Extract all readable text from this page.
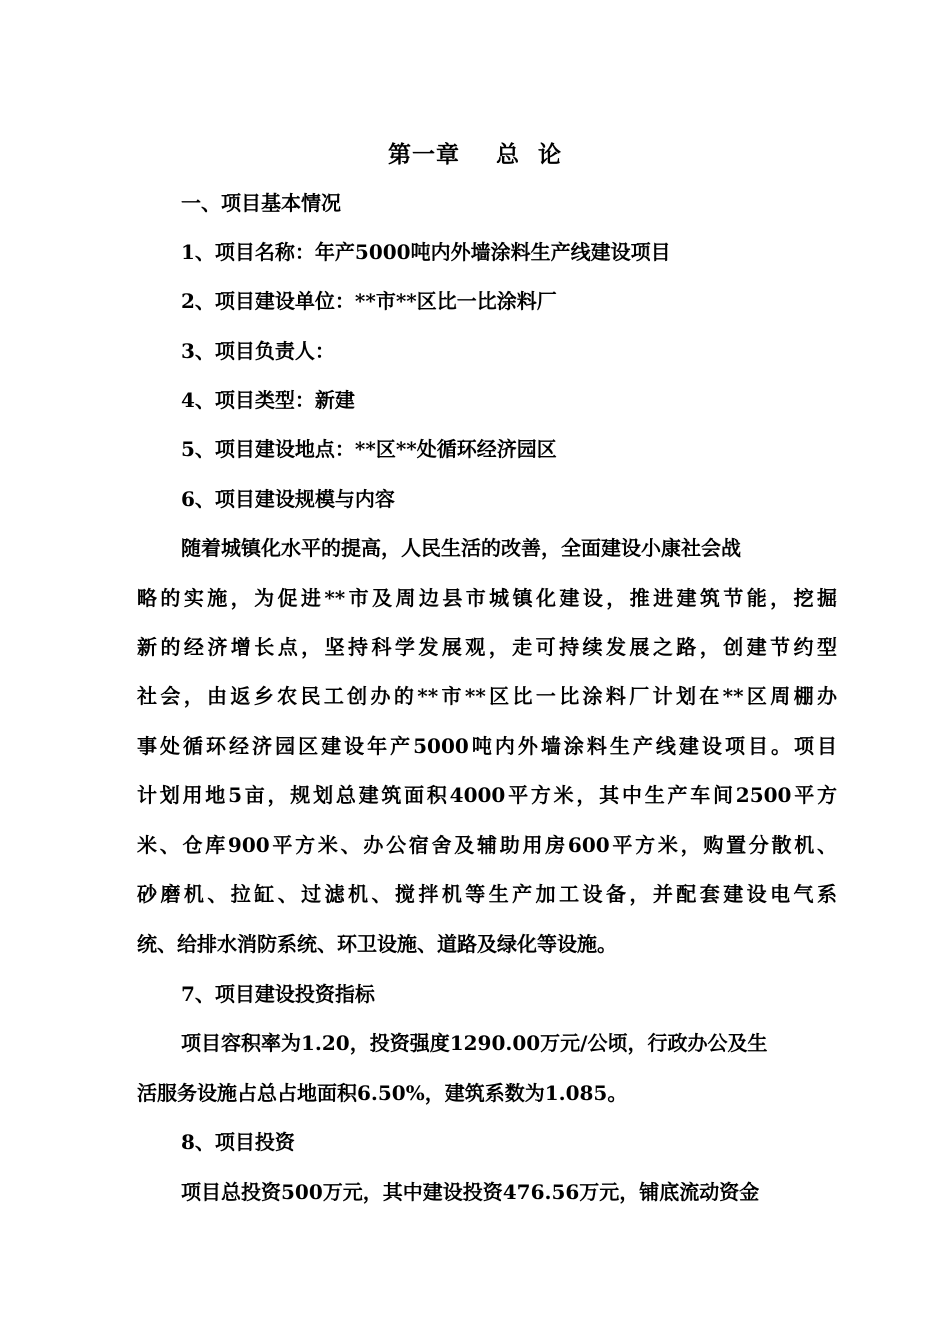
第一章    总  论
一、项目基本情况
1、项目名称：年产5000吨内外墙涂料生产线建设项目
2、项目建设单位：**市**区比一比涂料厂
3、项目负责人：
4、项目类型：新建
5、项目建设地点：**区**处循环经济园区
6、项目建设规模与内容
随着城镇化水平的提高，人民生活的改善，全面建设小康社会战
略的实施，为促进**市及周边县市城镇化建设，推进建筑节能，挖掘
新的经济增长点，坚持科学发展观，走可持续发展之路，创建节约型
社会，由返乡农民工创办的**市**区比一比涂料厂计划在**区周棚办
事处循环经济园区建设年产5000吨内外墙涂料生产线建设项目。项目
计划用地5亩，规划总建筑面积4000平方米，其中生产车间2500平方
米、仓库900平方米、办公宿舍及辅助用房600平方米，购置分散机、
砂磨机、拉缸、过滤机、搅拌机等生产加工设备，并配套建设电气系
统、给排水消防系统、环卫设施、道路及绿化等设施。
7、项目建设投资指标
项目容积率为1.20，投资强度1290.00万元/公顷，行政办公及生
活服务设施占总占地面积6.50%，建筑系数为1.085。
8、项目投资
项目总投资500万元，其中建设投资476.56万元，铺底流动资金
